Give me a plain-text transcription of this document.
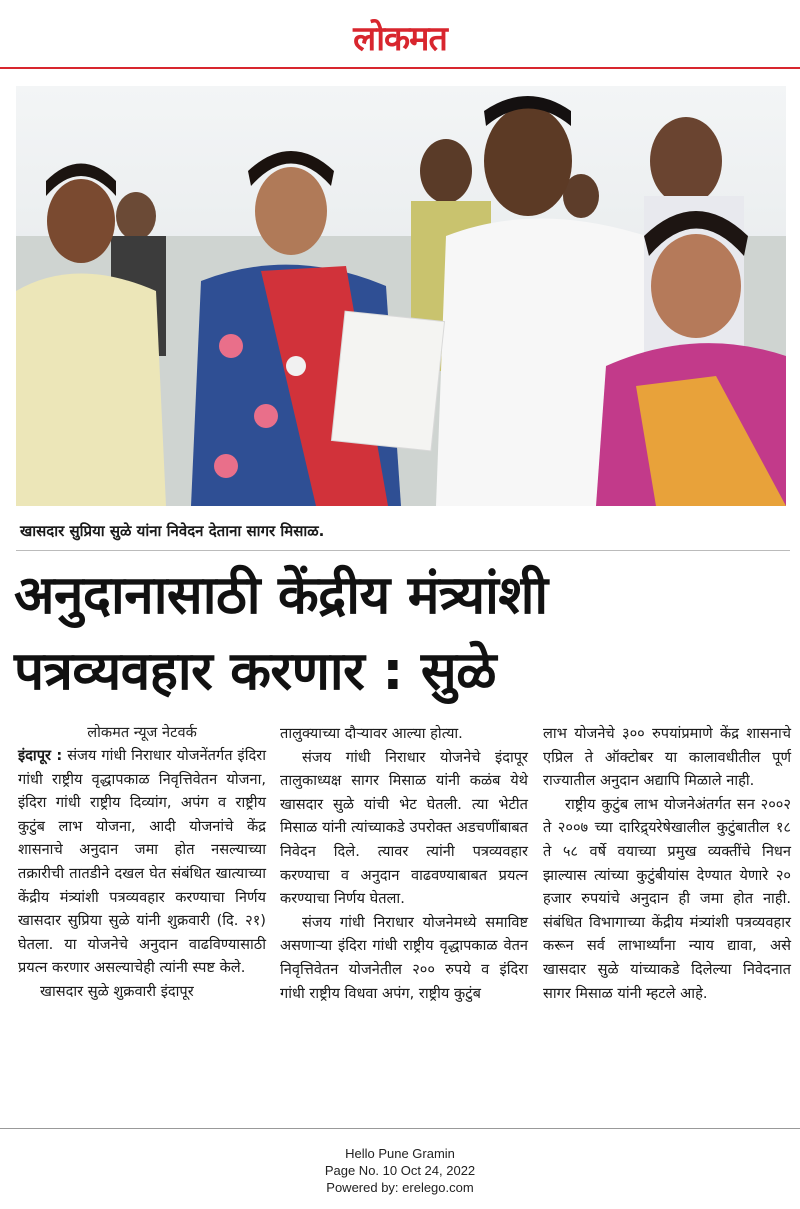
लोकमत
खासदार सुप्रिया सुळे यांना निवेदन देताना सागर मिसाळ.
अनुदानासाठी केंद्रीय मंत्र्यांशी
पत्रव्यवहार करणार : सुळे
लोकमत न्यूज नेटवर्क

इंदापूर : संजय गांधी निराधार योजनेंतर्गत इंदिरा गांधी राष्ट्रीय वृद्धापकाळ निवृत्तिवेतन योजना, इंदिरा गांधी राष्ट्रीय दिव्यांग, अपंग व राष्ट्रीय कुटुंब लाभ योजना, आदी योजनांचे केंद्र शासनाचे अनुदान जमा होत नसल्याच्या तक्रारीची तातडीने दखल घेत संबंधित खात्याच्या केंद्रीय मंत्र्यांशी पत्रव्यवहार करण्याचा निर्णय खासदार सुप्रिया सुळे यांनी शुक्रवारी (दि. २१) घेतला. या योजनेचे अनुदान वाढविण्यासाठी प्रयत्न करणार असल्याचेही त्यांनी स्पष्ट केले.

खासदार सुळे शुक्रवारी इंदापूर

तालुक्याच्या दौऱ्यावर आल्या होत्या.

संजय गांधी निराधार योजनेचे इंदापूर तालुकाध्यक्ष सागर मिसाळ यांनी कळंब येथे खासदार सुळे यांची भेट घेतली. त्या भेटीत मिसाळ यांनी त्यांच्याकडे उपरोक्त अडचणींबाबत निवेदन दिले. त्यावर त्यांनी पत्रव्यवहार करण्याचा व अनुदान वाढवण्याबाबत प्रयत्न करण्याचा निर्णय घेतला.

संजय गांधी निराधार योजनेमध्ये समाविष्ट असणाऱ्या इंदिरा गांधी राष्ट्रीय वृद्धापकाळ वेतन निवृत्तिवेतन योजनेतील २०० रुपये व इंदिरा गांधी राष्ट्रीय विधवा अपंग, राष्ट्रीय कुटुंब

लाभ योजनेचे ३०० रुपयांप्रमाणे केंद्र शासनाचे एप्रिल ते ऑक्टोबर या कालावधीतील पूर्ण राज्यातील अनुदान अद्यापि मिळाले नाही.

राष्ट्रीय कुटुंब लाभ योजनेअंतर्गत सन २००२ ते २००७ च्या दारिद्र्यरेषेखालील कुटुंबातील १८ ते ५८ वर्षे वयाच्या प्रमुख व्यक्तींचे निधन झाल्यास त्यांच्या कुटुंबीयांस देण्यात येणारे २० हजार रुपयांचे अनुदान ही जमा होत नाही. संबंधित विभागाच्या केंद्रीय मंत्र्यांशी पत्रव्यवहार करून सर्व लाभार्थ्यांना न्याय द्यावा, असे खासदार सुळे यांच्याकडे दिलेल्या निवेदनात सागर मिसाळ यांनी म्हटले आहे.

Hello Pune Gramin
Page No. 10 Oct 24, 2022
Powered by: erelego.com
